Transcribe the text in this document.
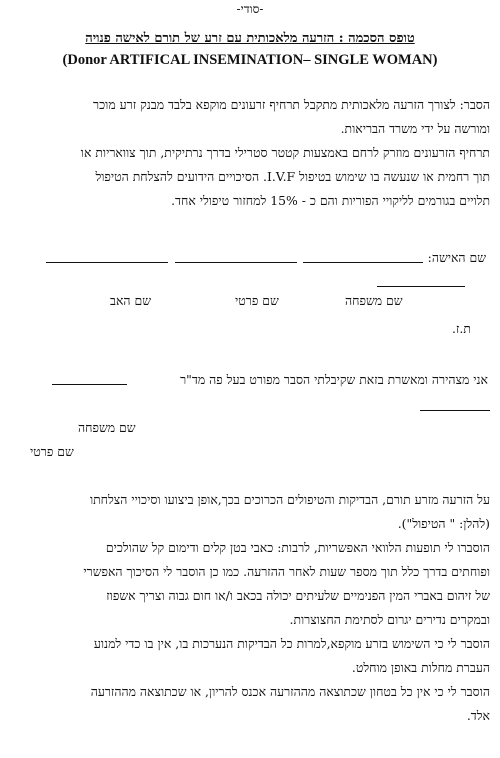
-סודי-
טופס הסכמה : הזרעה מלאכותית עם זרע של תורם לאישה פנויה
(Donor ARTIFICAL INSEMINATION– SINGLE WOMAN)
הסבר: לצורך הזרעה מלאכותית מתקבל תרחיף זרעונים מוקפא בלבד מבנק זרע מוכר
ומורשה על ידי משרד הבריאות.
תרחיף הזרעונים מוזרק לרחם באמצעות קטטר סטרילי בדרך נרתיקית, תוך צוואריות או
תוך רחמית או שנעשה בו שימוש בטיפול I.V.F. הסיכויים הידועים להצלחת הטיפול
תלויים בגורמים לליקויי הפוריות והם כ - 15% למחזור טיפולי אחד.
שם האישה:
שם משפחה
שם פרטי
שם האב
ת.ז.
אני מצהירה ומאשרת בזאת שקיבלתי הסבר מפורט בעל פה מד"ר
שם משפחה
שם פרטי
על הזרעה מזרע תורם, הבדיקות והטיפולים הכרוכים בכך,אופן ביצועו וסיכויי הצלחתו
(להלן: " הטיפול").
הוסברו לי תופעות הלוואי האפשריות, לרבות: כאבי בטן קלים ודימום קל שהולכים
ופוחתים בדרך כלל תוך מספר שעות לאחר ההזרעה. כמו כן הוסבר לי הסיכוך האפשרי
של זיהום באברי המין הפנימיים שלעיתים יכולה בכאב ו/או חום גבוה וצריך אשפוז
ובמקרים נדירים יגרום לסתימת החצוצרות.
הוסבר לי כי השימוש בזרע מוקפא,למרות כל הבדיקות הנערכות בו, אין בו כדי למנוע
העברת מחלות באופן מוחלט.
הוסבר לי כי אין כל בטחון שכתוצאה מההזרעה אכנס להריון, או שכתוצאה מההזרעה
אלד.
